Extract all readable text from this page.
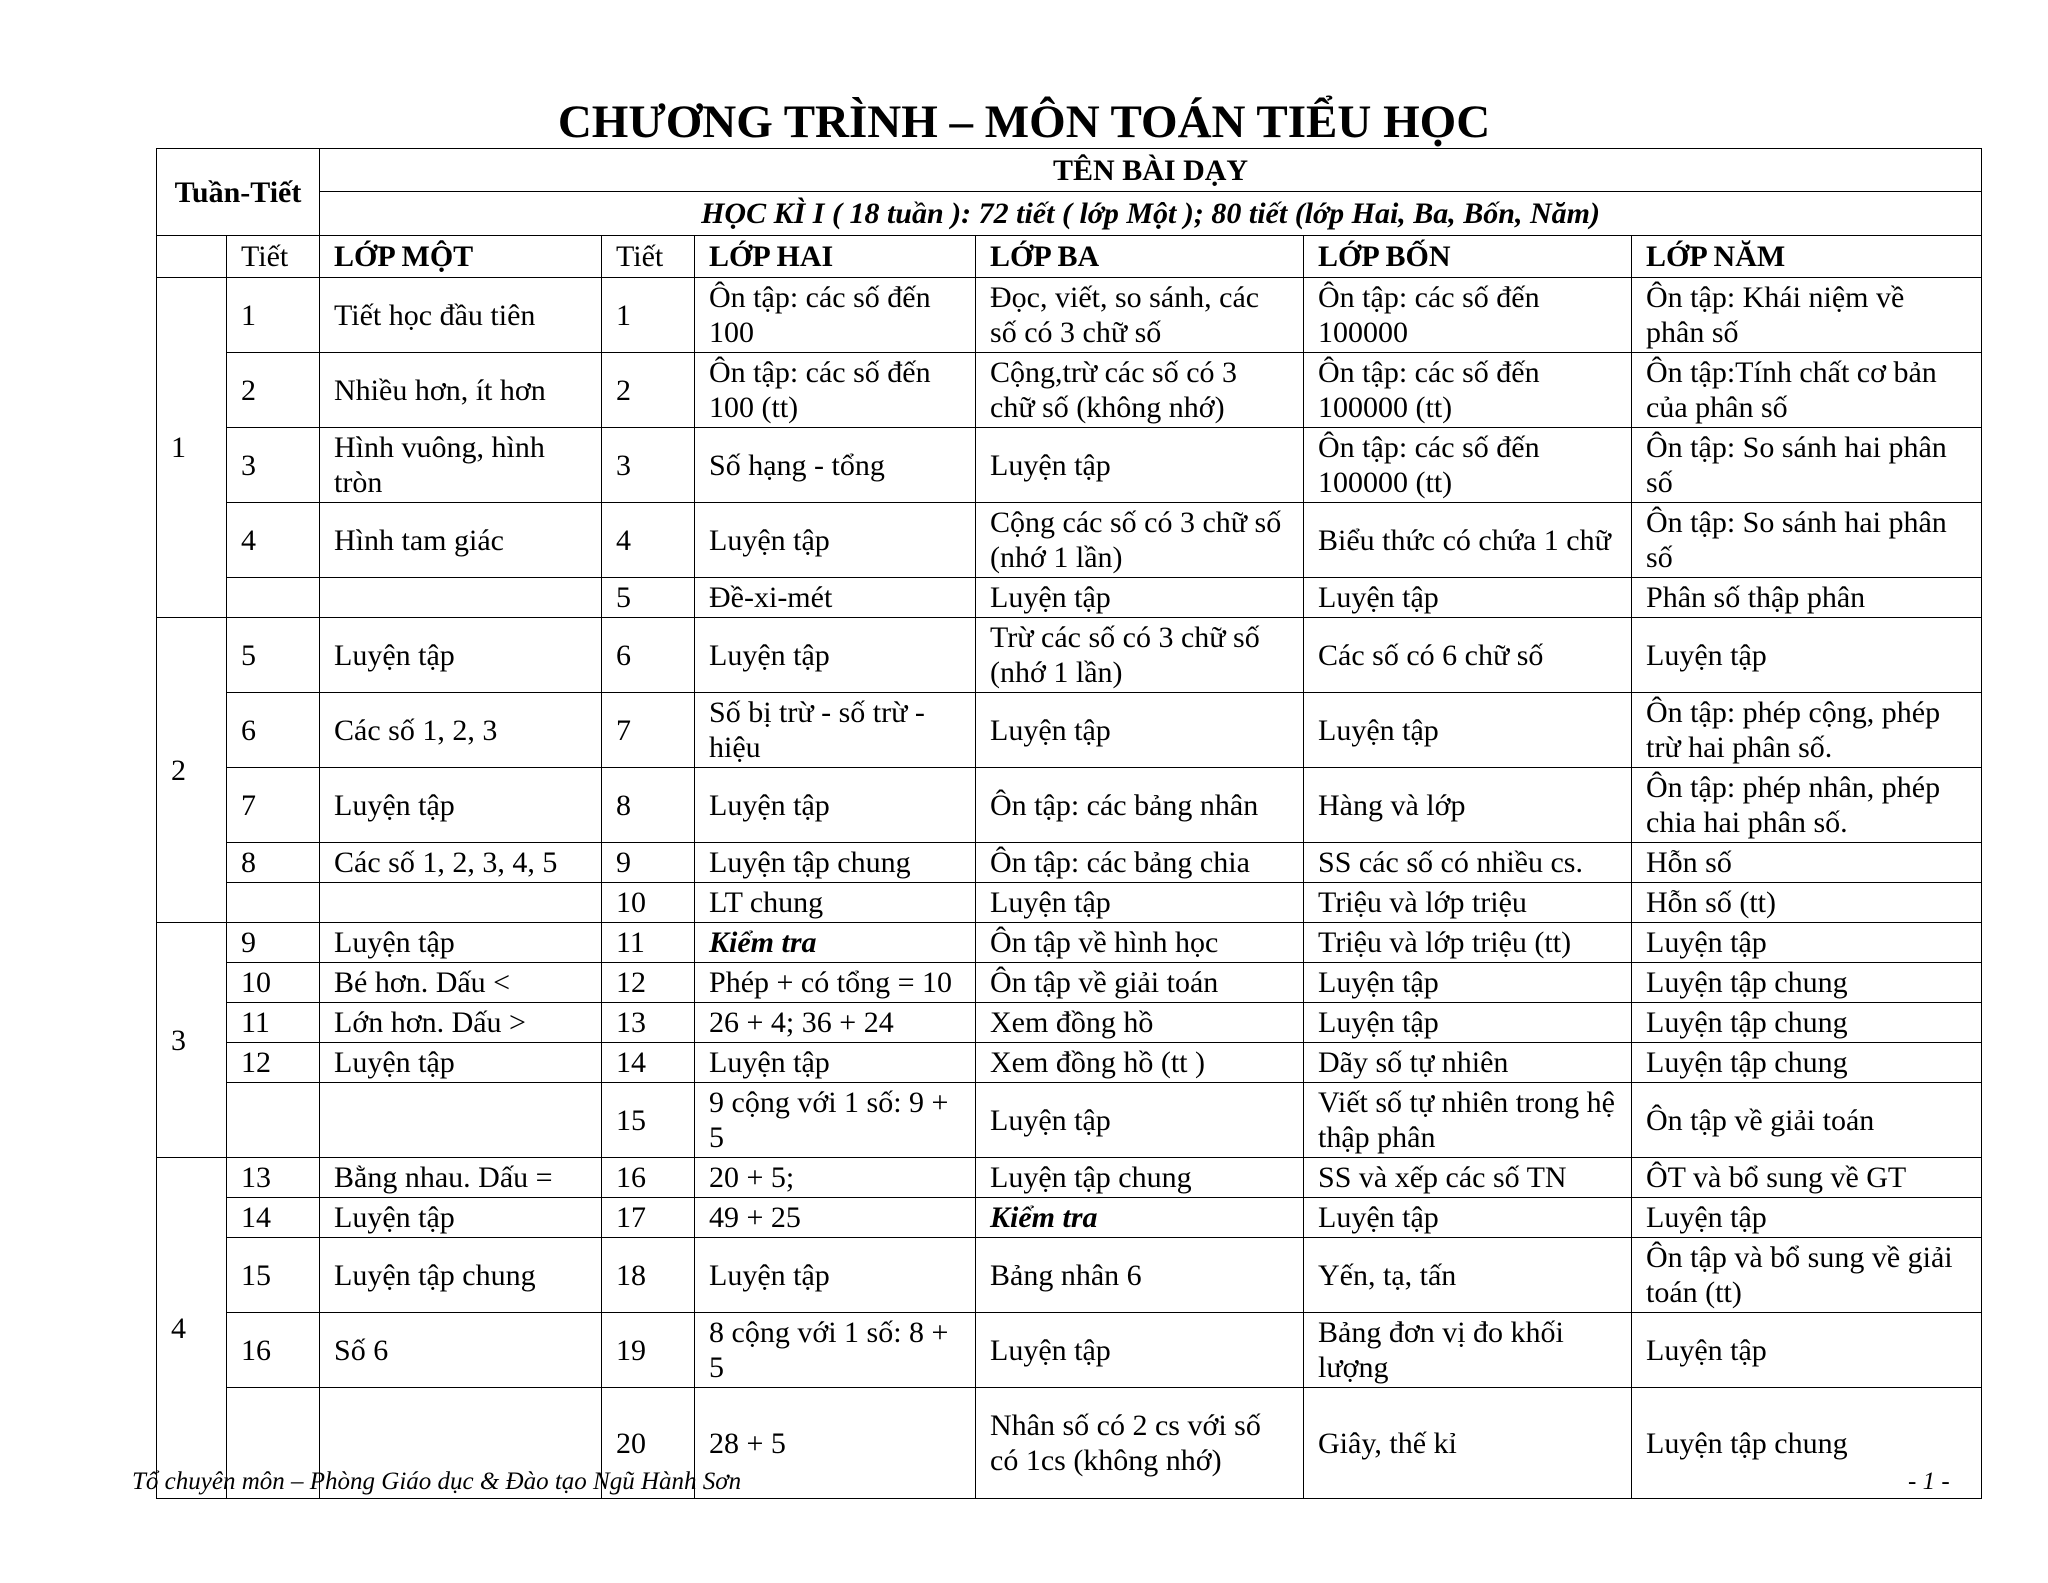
CHƯƠNG TRÌNH – MÔN TOÁN TIỂU HỌC
Tuần-Tiết		TÊN BÀI DẠY					
		HỌC KÌ I ( 18 tuần ): 72 tiết ( lớp Một ); 80 tiết (lớp Hai, Ba, Bốn, Năm)					
	Tiết	LỚP MỘT	Tiết	LỚP HAI	LỚP BA	LỚP BỐN	LỚP NĂM
1	1	Tiết học đầu tiên	1	Ôn tập: các số đến 100	Đọc, viết, so sánh, các số có 3 chữ số	Ôn tập: các số đến 100000	Ôn tập: Khái niệm về phân số
	2	Nhiều hơn, ít hơn	2	Ôn tập: các số đến 100 (tt)	Cộng,trừ các số có 3 chữ số (không nhớ)	Ôn tập: các số đến 100000 (tt)	Ôn tập:Tính chất cơ bản của phân số
	3	Hình vuông, hình tròn	3	Số hạng - tổng	Luyện tập	Ôn tập: các số đến 100000 (tt)	Ôn tập: So sánh hai phân số
	4	Hình tam giác	4	Luyện tập	Cộng các số có 3 chữ số (nhớ 1 lần)	Biểu thức có chứa 1 chữ	Ôn tập: So sánh hai phân số
			5	Đề-xi-mét	Luyện tập	Luyện tập	Phân số thập phân
2	5	Luyện tập	6	Luyện tập	Trừ các số có 3 chữ số (nhớ 1 lần)	Các số có 6 chữ số	Luyện tập
	6	Các số 1, 2, 3	7	Số bị trừ - số trừ - hiệu	Luyện tập	Luyện tập	Ôn tập: phép cộng, phép trừ hai phân số.
	7	Luyện tập	8	Luyện tập	Ôn tập: các bảng nhân	Hàng và lớp	Ôn tập: phép nhân, phép chia hai phân số.
	8	Các số 1, 2, 3, 4, 5	9	Luyện tập chung	Ôn tập: các bảng chia	SS các số có nhiều cs.	Hỗn số
			10	LT chung	Luyện tập	Triệu và lớp triệu	Hỗn số (tt)
3	9	Luyện tập	11	Kiểm tra	Ôn tập về hình học	Triệu và lớp triệu (tt)	Luyện tập
	10	Bé hơn. Dấu <	12	Phép + có tổng = 10	Ôn tập về giải toán	Luyện tập	Luyện tập chung
	11	Lớn hơn. Dấu >	13	26 + 4; 36 + 24	Xem đồng hồ	Luyện tập	Luyện tập chung
	12	Luyện tập	14	Luyện tập	Xem đồng hồ (tt )	Dãy số tự nhiên	Luyện tập chung
			15	9 cộng với 1 số: 9 + 5	Luyện tập	Viết số tự nhiên trong hệ thập phân	Ôn tập về giải toán
4	13	Bằng nhau. Dấu =	16	20 + 5;	Luyện tập chung	SS và xếp các số TN	ÔT và bổ sung về GT
	14	Luyện tập	17	49 + 25	Kiểm tra	Luyện tập	Luyện tập
	15	Luyện tập chung	18	Luyện tập	Bảng nhân 6	Yến, tạ, tấn	Ôn tập và bổ sung về giải toán (tt)
	16	Số 6	19	8 cộng với 1 số: 8 + 5	Luyện tập	Bảng đơn vị đo khối lượng	Luyện tập
			20	28 + 5	Nhân số có 2 cs với số có 1cs (không nhớ)	Giây, thế kỉ	Luyện tập chung
Tổ chuyên môn – Phòng Giáo dục & Đào tạo Ngũ Hành Sơn	- 1 -
